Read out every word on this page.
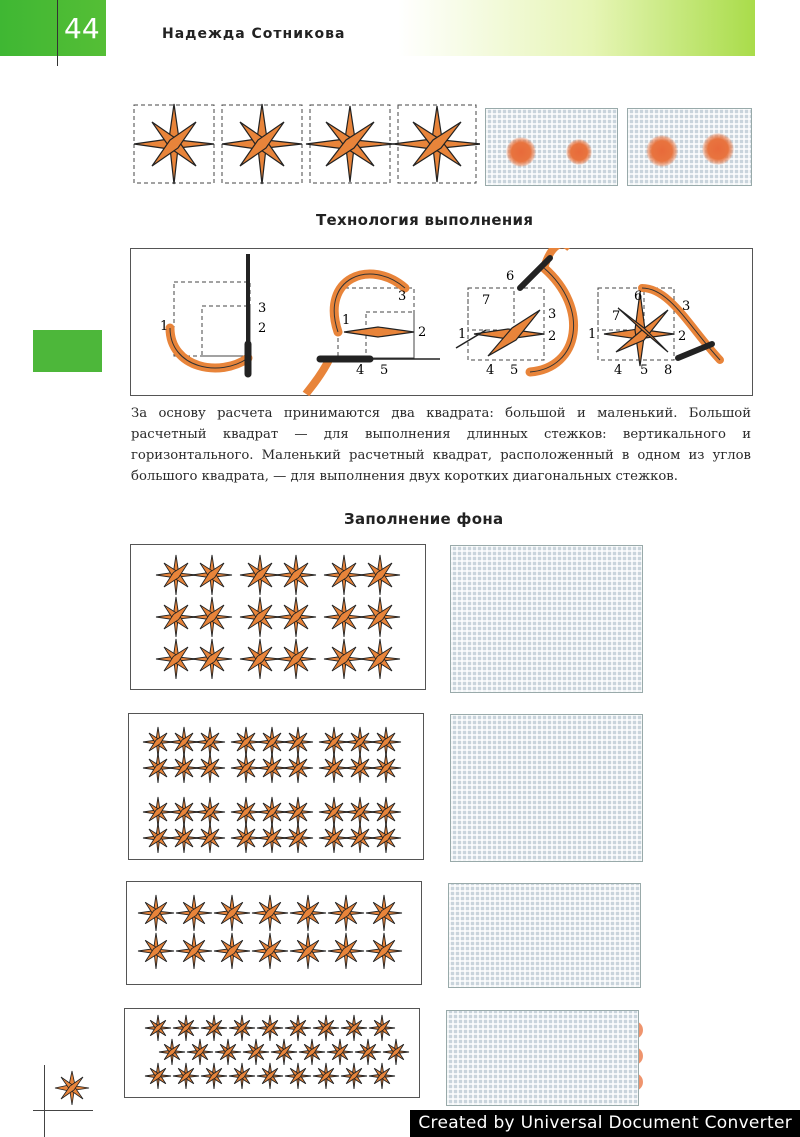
44	Надежда Сотникова
Технология выполнения
3
2
1	1
2
3
4 5
1	2
3
4 5
6
7
1	2
3
4 5
6
7
8
За основу расчета принимаются два квадрата: большой и маленький. Большой расчетный квадрат — для выполнения длинных стежков: вертикального и горизонтального. Маленький расчетный квадрат, расположенный в одном из углов большого квадрата, — для выполнения двух коротких диагональных стежков.
Заполнение фона
Created by Universal Document Converter
